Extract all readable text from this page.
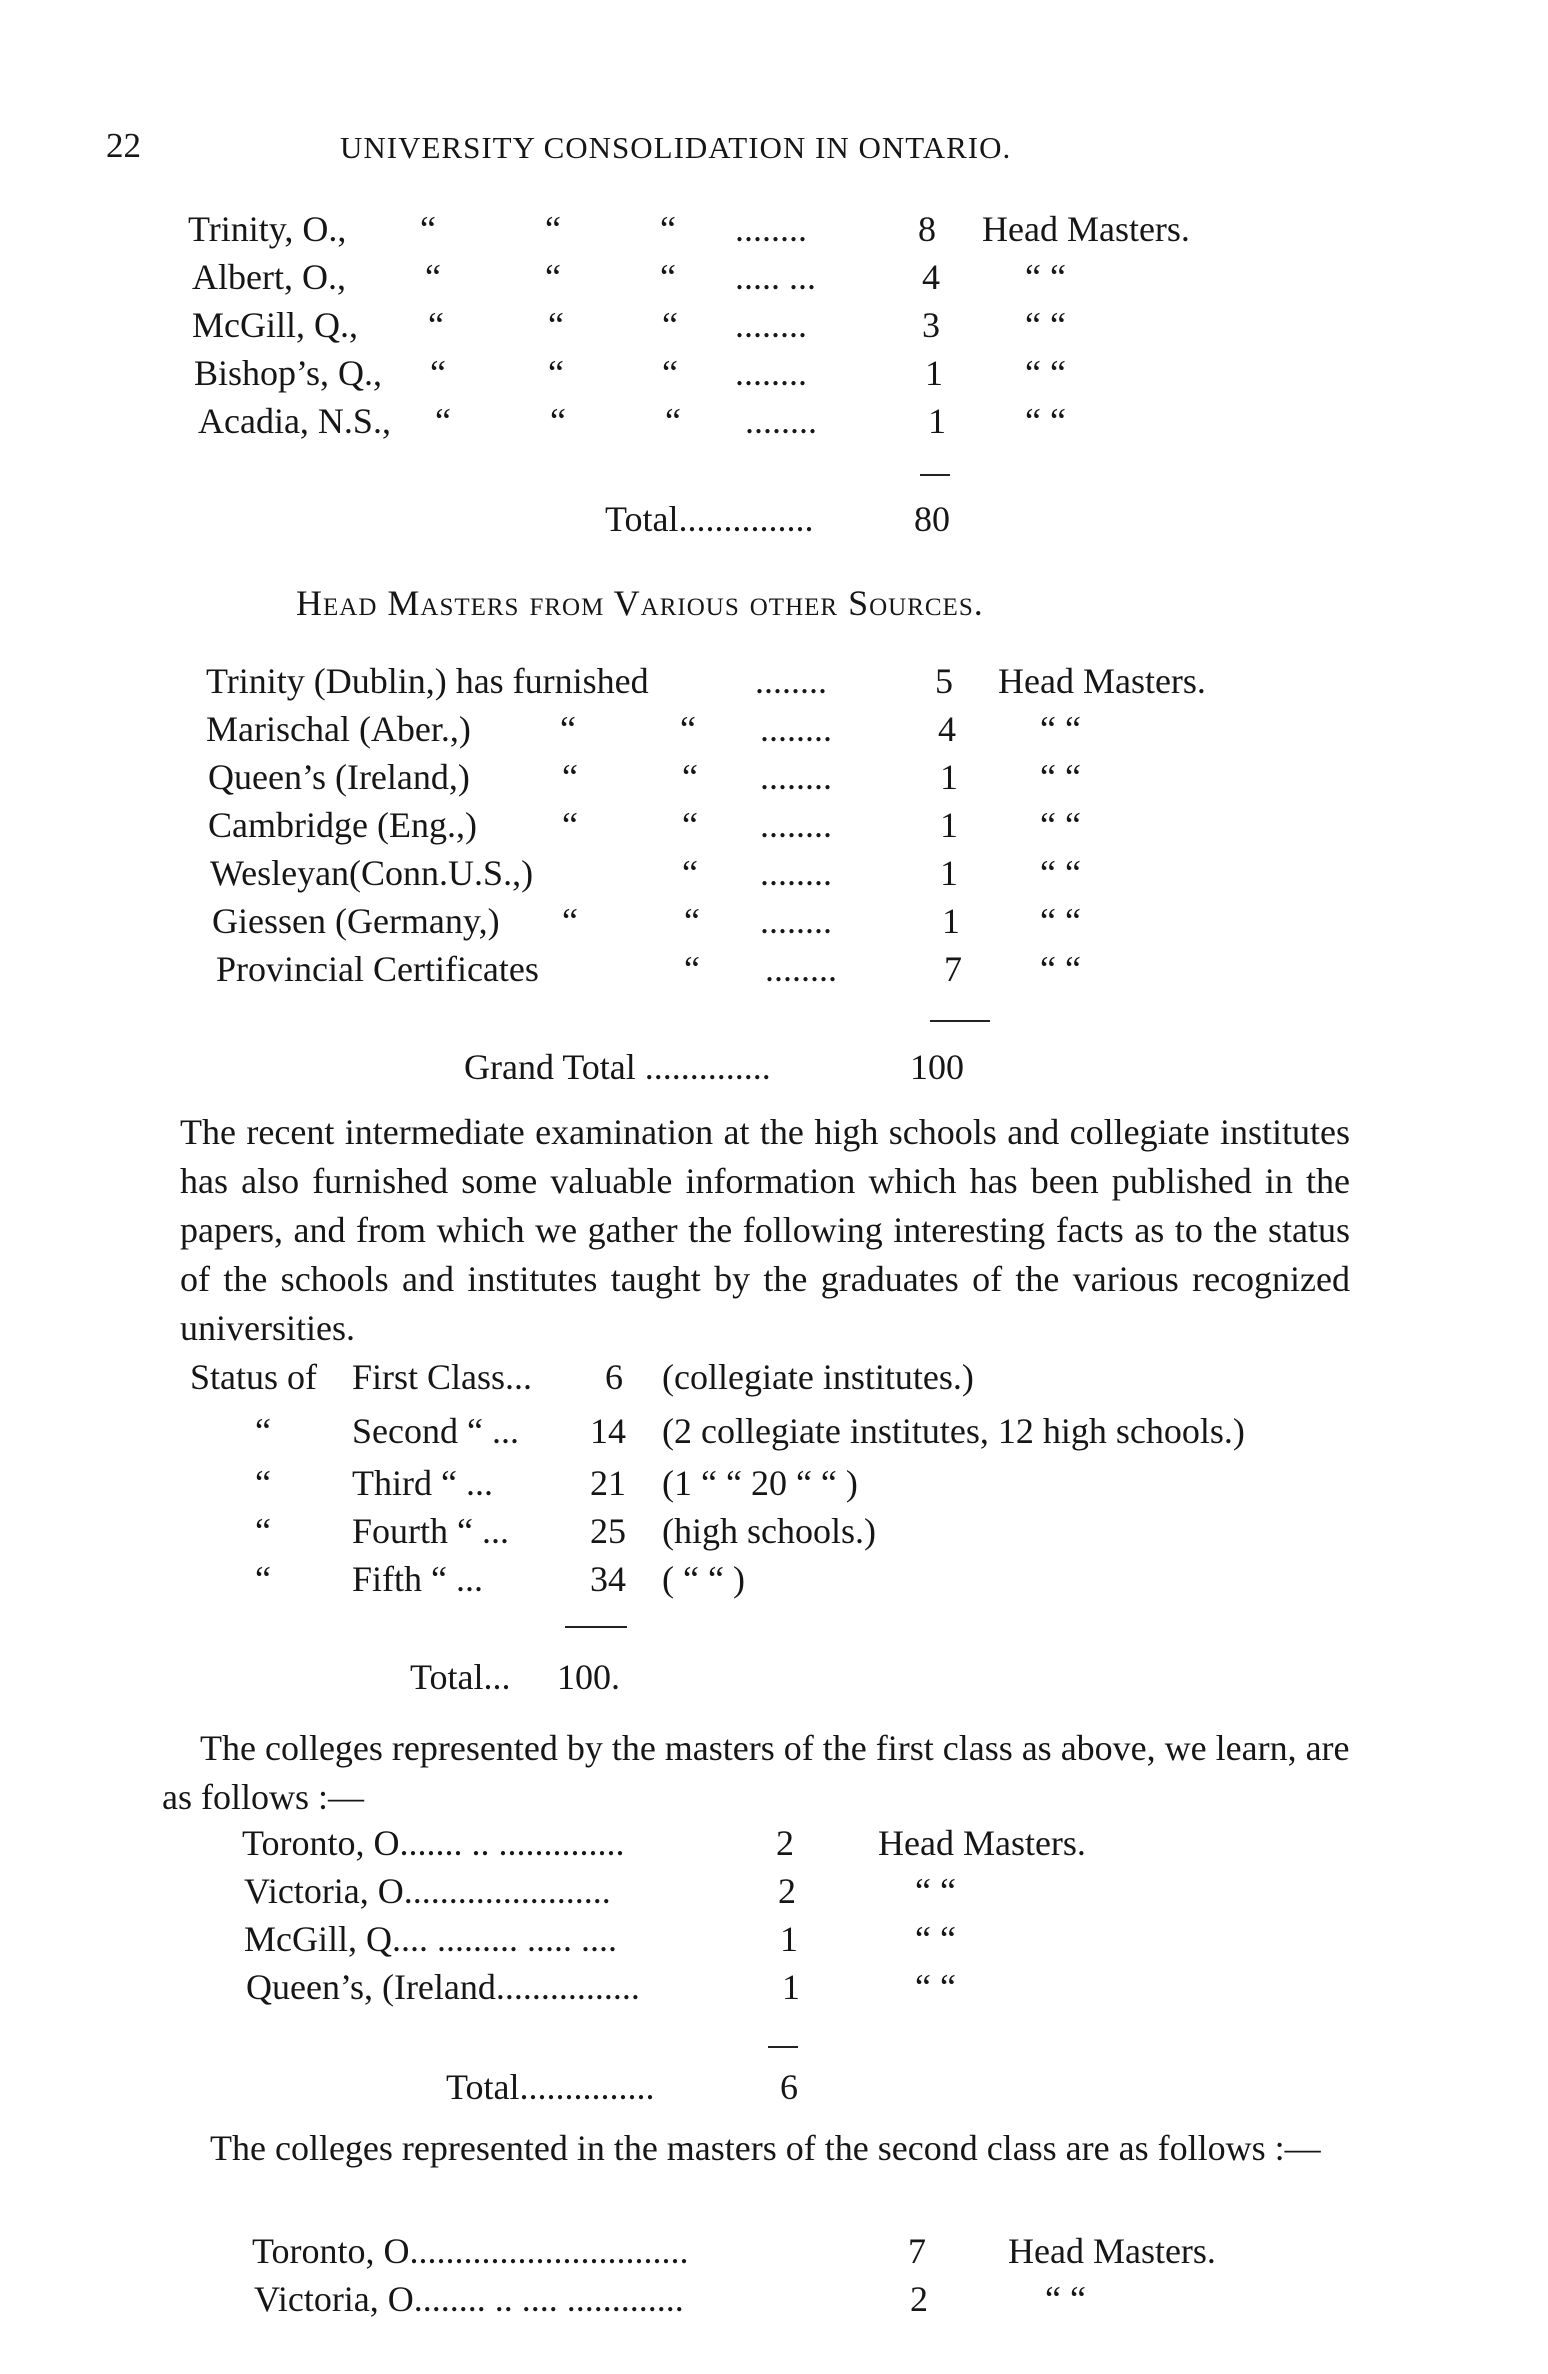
22	UNIVERSITY CONSOLIDATION IN ONTARIO.
Trinity, O., “	“	“ ........	8 Head Masters.
Albert, O., “	“	“ ..... ...	4 “ “
McGill, Q., “	“	“ ........	3 “ “
Bishop’s, Q., “	“	“ ........	1 “ “
Acadia, N.S., “	“	“ ........	1 “ “
Total...............	80
Head Masters from Various other Sources.
Trinity (Dublin,) has furnished	........	5 Head Masters.
Marischal (Aber.,) “	“ ........	4 “ “
Queen’s (Ireland,)	“	“ ........	1 “ “
Cambridge (Eng.,) “	“ ........	1 “ “
Wesleyan(Conn.U.S.,)	“ ........	1 “ “
Giessen (Germany,) “	“ ........	1 “ “
Provincial Certificates	“ ........	7 “ “
Grand Total ..............	100
The recent intermediate examination at the high schools and collegiate institutes has also furnished some valuable information which has been published in the papers, and from which we gather the following interesting facts as to the status of the schools and institutes taught by the graduates of the various recognized universities.
Status of First Class... 6 (collegiate institutes.)
“ Second “ ... 14 (2 collegiate institutes, 12 high schools.)
“ Third “ ...	21 (1 “ “ 20 “ “ )
“ Fourth “ ... 25 (high schools.)
“ Fifth “ ...	34 ( “ “ )
Total... 100.
The colleges represented by the masters of the first class as above, we learn, are as follows :—
Toronto, O....... .. ..............	2 Head Masters.
Victoria, O.......................	2	“ “
McGill, Q.... ......... ..... ....	1	“ “
Queen’s, (Ireland................	1	“ “
Total...............	6
The colleges represented in the masters of the second class are as follows :—
Toronto, O...............................	7 Head Masters.
Victoria, O........ .. .... .............	2	“ “
